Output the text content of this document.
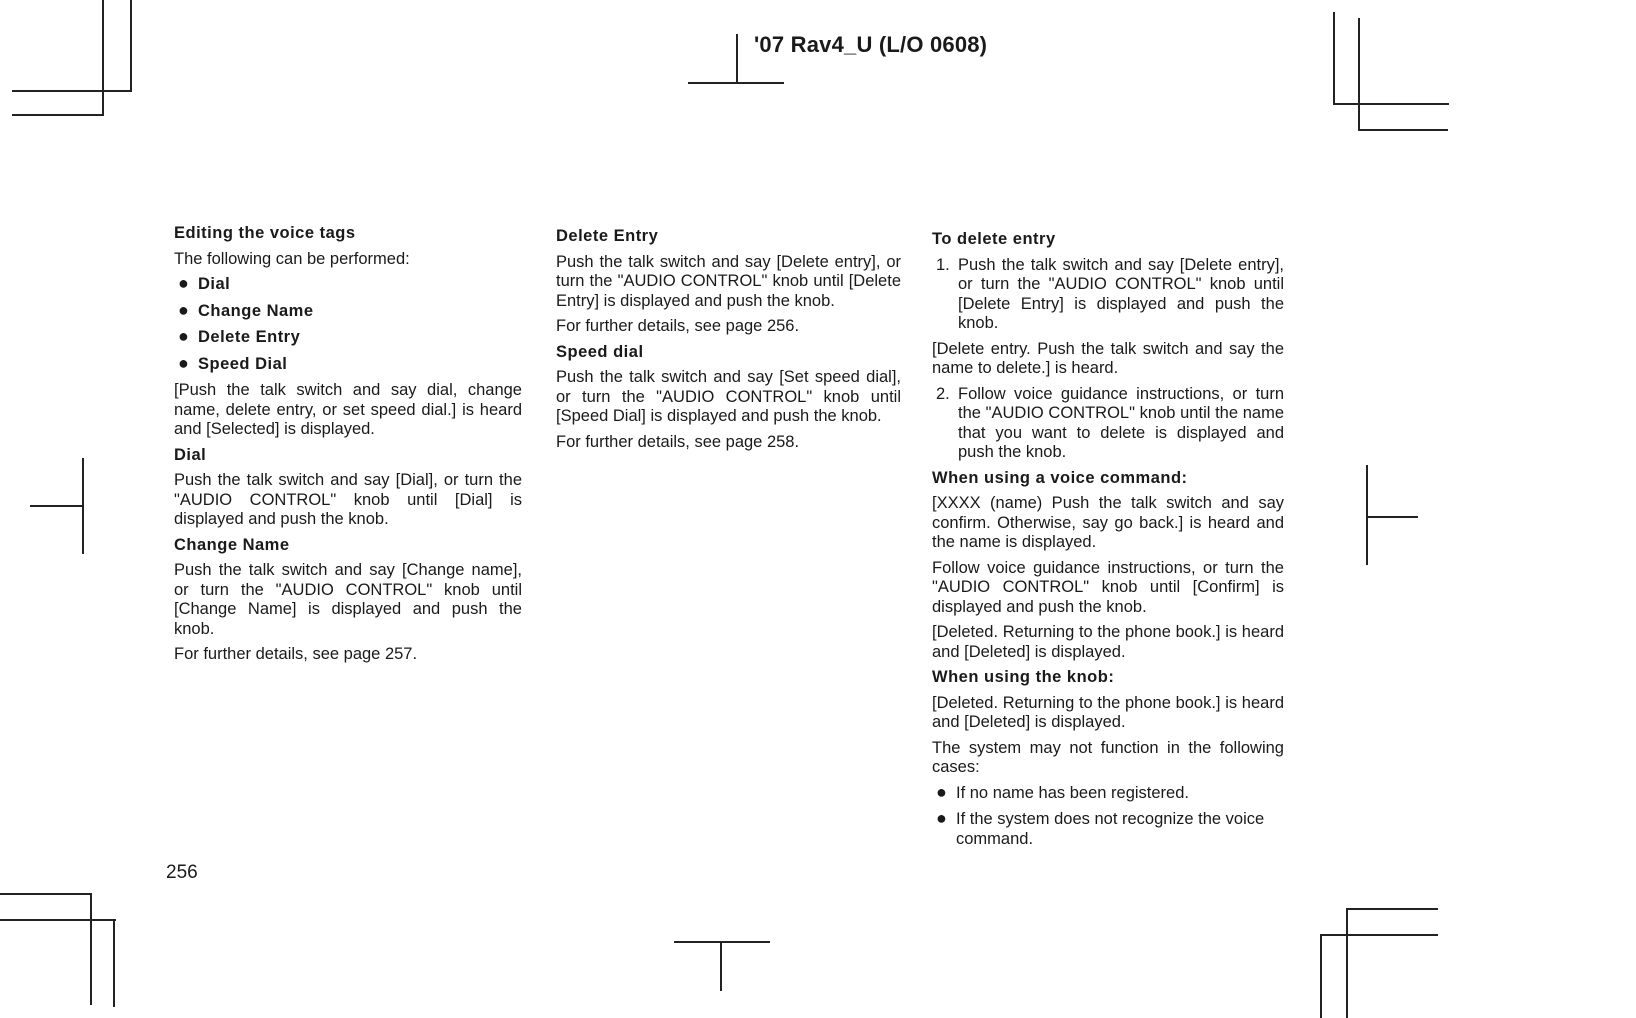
'07 Rav4_U (L/O 0608)
Editing the voice tags

The following can be performed:

● Dial
● Change Name
● Delete Entry
● Speed Dial

[Push the talk switch and say dial, change name, delete entry, or set speed dial.] is heard and [Selected] is displayed.

Dial

Push the talk switch and say [Dial], or turn the "AUDIO CONTROL" knob until [Dial] is displayed and push the knob.

Change Name

Push the talk switch and say [Change name], or turn the "AUDIO CONTROL" knob until [Change Name] is displayed and push the knob.

For further details, see page 257.

Delete Entry

Push the talk switch and say [Delete entry], or turn the "AUDIO CONTROL" knob until [Delete Entry] is displayed and push the knob.

For further details, see page 256.

Speed dial

Push the talk switch and say [Set speed dial], or turn the "AUDIO CONTROL" knob until [Speed Dial] is displayed and push the knob.

For further details, see page 258.

To delete entry
1. Push the talk switch and say [Delete entry], or turn the "AUDIO CONTROL" knob until [Delete Entry] is displayed and push the knob.

[Delete entry. Push the talk switch and say the name to delete.] is heard.

2. Follow voice guidance instructions, or turn the "AUDIO CONTROL" knob until the name that you want to delete is displayed and push the knob.
When using a voice command:

[XXXX (name) Push the talk switch and say confirm. Otherwise, say go back.] is heard and the name is displayed.

Follow voice guidance instructions, or turn the "AUDIO CONTROL" knob until [Confirm] is displayed and push the knob.

[Deleted. Returning to the phone book.] is heard and [Deleted] is displayed.

When using the knob:

[Deleted. Returning to the phone book.] is heard and [Deleted] is displayed.

The system may not function in the following cases:

● If no name has been registered.
● If the system does not recognize the voice command.
256
